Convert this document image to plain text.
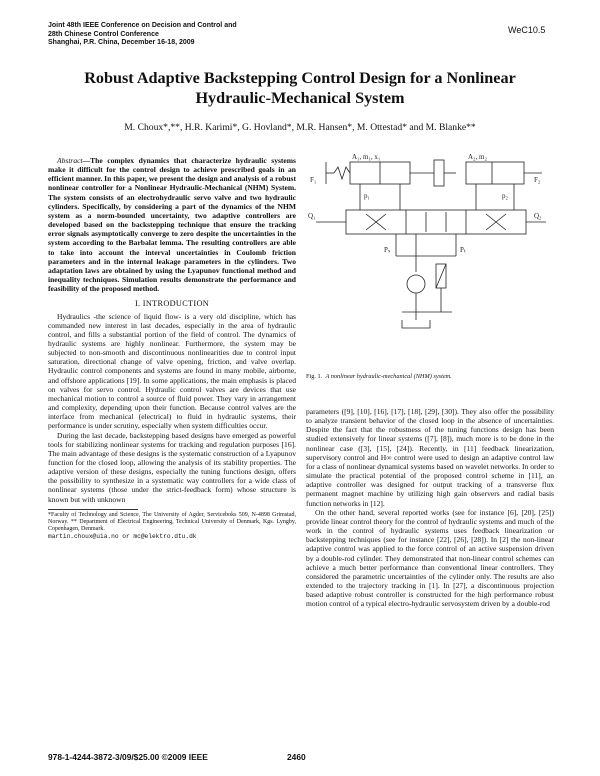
Joint 48th IEEE Conference on Decision and Control and
28th Chinese Control Conference
Shanghai, P.R. China, December 16-18, 2009
WeC10.5
Robust Adaptive Backstepping Control Design for a Nonlinear
Hydraulic-Mechanical System
M. Choux*,**, H.R. Karimi*, G. Hovland*, M.R. Hansen*, M. Ottestad* and M. Blanke**

Abstract—The complex dynamics that characterize hydraulic systems make it difficult for the control design to achieve prescribed goals in an efficient manner. In this paper, we present the design and analysis of a robust nonlinear controller for a Nonlinear Hydraulic-Mechanical (NHM) System. The system consists of an electrohydraulic servo valve and two hydraulic cylinders. Specifically, by considering a part of the dynamics of the NHM system as a norm-bounded uncertainty, two adaptive controllers are developed based on the backstepping technique that ensure the tracking error signals asymptotically converge to zero despite the uncertainties in the system according to the Barbalat lemma. The resulting controllers are able to take into account the interval uncertainties in Coulomb friction parameters and in the internal leakage parameters in the cylinders. Two adaptation laws are obtained by using the Lyapunov functional method and inequality techniques. Simulation results demonstrate the performance and feasibility of the proposed method.

I. INTRODUCTION

Hydraulics -the science of liquid flow- is a very old discipline, which has commanded new interest in last decades, especially in the area of hydraulic control, and fills a substantial portion of the field of control. The dynamics of hydraulic systems are highly nonlinear. Furthermore, the system may be subjected to non-smooth and discontinuous nonlinearities due to control input saturation, directional change of valve opening, friction, and valve overlap. Hydraulic control components and systems are found in many mobile, airborne, and offshore applications [19]. In some applications, the main emphasis is placed on valves for servo control. Hydraulic control valves are devices that use mechanical motion to control a source of fluid power. They vary in arrangement and complexity, depending upon their function. Because control valves are the interface from mechanical (electrical) to fluid in hydraulic systems, their performance is under scrutiny, especially when system difficulties occur.

During the last decade, backstepping based designs have emerged as powerful tools for stabilizing nonlinear systems for tracking and regulation purposes [16]. The main advantage of these designs is the systematic construction of a Lyapunov function for the closed loop, allowing the analysis of its stability properties. The adaptive version of these designs, especially the tuning functions design, offers the possibility to synthesize in a systematic way controllers for a wide class of nonlinear systems (those under the strict-feedback form) whose structure is known but with unknown

*Faculty of Technology and Science, The University of Agder, Serviceboks 509, N-4898 Grimstad, Norway. ** Department of Electrical Engineering, Technical University of Denmark, Kgs. Lyngby, Copenhagen, Denmark.
martin.choux@uia.no or mc@elektro.dtu.dk
A₁, m₁, x₁	A₂, m₂
p₁	p₂
Q₁	Q₂
Pₛ	Pₜ
F₁	F₂
Fig. 1. A nonlinear hydraulic-mechanical (NHM) system.

parameters ([9], [10], [16], [17], [18], [29], [30]). They also offer the possibility to analyze transient behavior of the closed loop in the absence of uncertainties. Despite the fact that the robustness of the tuning functions design has been studied extensively for linear systems ([7], [8]), much more is to be done in the nonlinear case ([3], [15], [24]). Recently, in [11] feedback linearization, supervisory control and H∞ control were used to design an adaptive control law for a class of nonlinear dynamical systems based on wavelet networks. In order to simulate the practical potential of the proposed control scheme in [11], an adaptive controller was designed for output tracking of a transverse flux permanent magnet machine by utilizing high gain observers and radial basis function networks in [12].

On the other hand, several reported works (see for instance [6], [20], [25]) provide linear control theory for the control of hydraulic systems and much of the work in the control of hydraulic systems uses feedback linearization or backstepping techniques (see for instance [22], [26], [28]). In [2] the non-linear adaptive control was applied to the force control of an active suspension driven by a double-rod cylinder. They demonstrated that non-linear control schemes can achieve a much better performance than conventional linear controllers. They considered the parametric uncertainties of the cylinder only. The results are also extended to the trajectory tracking in [1]. In [27], a discontinuous projection based adaptive robust controller is constructed for the high performance robust motion control of a typical electro-hydraulic servosystem driven by a double-rod

978-1-4244-3872-3/09/$25.00 ©2009 IEEE	2460
